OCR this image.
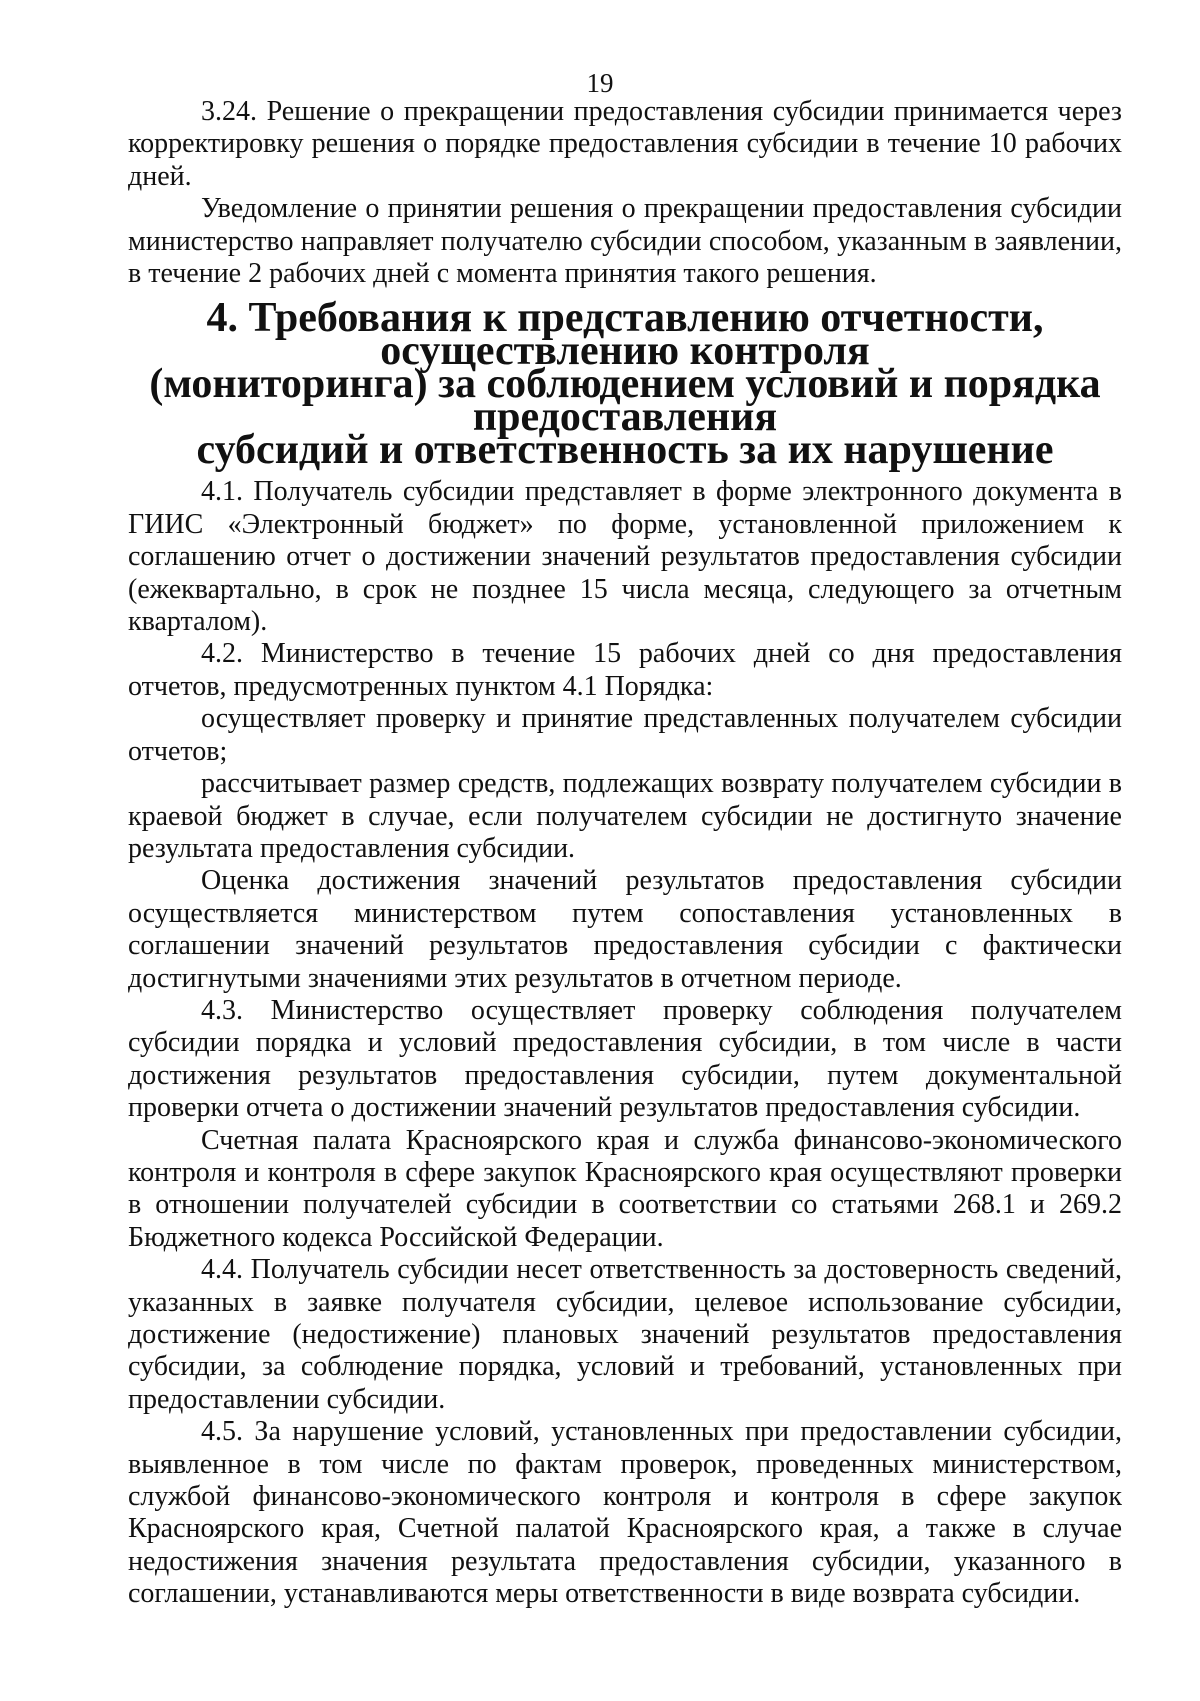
19

3.24. Решение о прекращении предоставления субсидии принимается через корректировку решения о порядке предоставления субсидии в течение 10 рабочих дней.

Уведомление о принятии решения о прекращении предоставления субсидии министерство направляет получателю субсидии способом, указанным в заявлении, в течение 2 рабочих дней с момента принятия такого решения.

4. Требования к представлению отчетности, осуществлению контроля
(мониторинга) за соблюдением условий и порядка предоставления
субсидий и ответственность за их нарушение

4.1. Получатель субсидии представляет в форме электронного документа в ГИИС «Электронный бюджет» по форме, установленной приложением к соглашению отчет о достижении значений результатов предоставления субсидии (ежеквартально, в срок не позднее 15 числа месяца, следующего за отчетным кварталом).

4.2. Министерство в течение 15 рабочих дней со дня предоставления отчетов, предусмотренных пунктом 4.1 Порядка:

осуществляет проверку и принятие представленных получателем субсидии отчетов;

рассчитывает размер средств, подлежащих возврату получателем субсидии в краевой бюджет в случае, если получателем субсидии не достигнуто значение результата предоставления субсидии.

Оценка достижения значений результатов предоставления субсидии осуществляется министерством путем сопоставления установленных в соглашении значений результатов предоставления субсидии с фактически достигнутыми значениями этих результатов в отчетном периоде.

4.3. Министерство осуществляет проверку соблюдения получателем субсидии порядка и условий предоставления субсидии, в том числе в части достижения результатов предоставления субсидии, путем документальной проверки отчета о достижении значений результатов предоставления субсидии.

Счетная палата Красноярского края и служба финансово-экономического контроля и контроля в сфере закупок Красноярского края осуществляют проверки в отношении получателей субсидии в соответствии со статьями 268.1 и 269.2 Бюджетного кодекса Российской Федерации.

4.4. Получатель субсидии несет ответственность за достоверность сведений, указанных в заявке получателя субсидии, целевое использование субсидии, достижение (недостижение) плановых значений результатов предоставления субсидии, за соблюдение порядка, условий и требований, установленных при предоставлении субсидии.

4.5. За нарушение условий, установленных при предоставлении субсидии, выявленное в том числе по фактам проверок, проведенных министерством, службой финансово-экономического контроля и контроля в сфере закупок Красноярского края, Счетной палатой Красноярского края, а также в случае недостижения значения результата предоставления субсидии, указанного в соглашении, устанавливаются меры ответственности в виде возврата субсидии.
